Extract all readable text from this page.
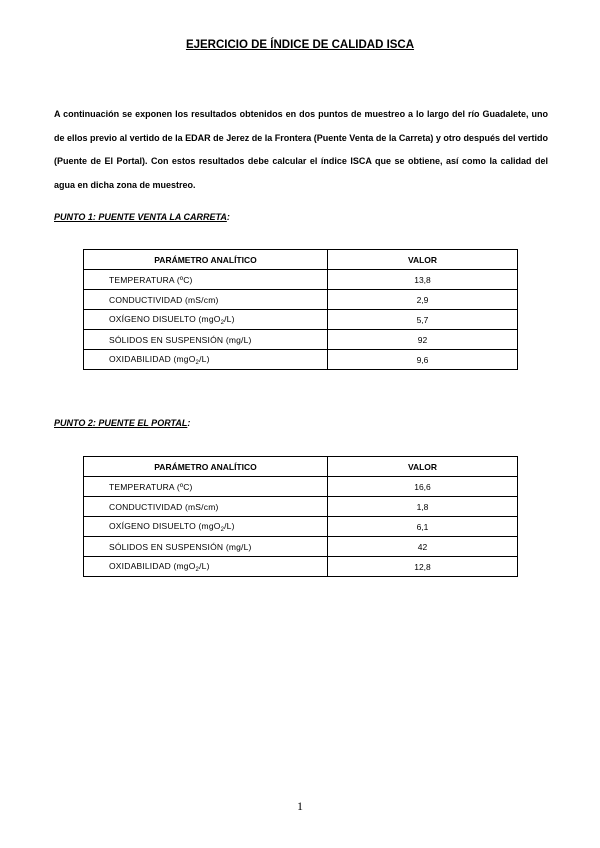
EJERCICIO DE ÍNDICE DE CALIDAD ISCA

A continuación se exponen los resultados obtenidos en dos puntos de muestreo a lo largo del río Guadalete, uno de ellos previo al vertido de la EDAR de Jerez de la Frontera (Puente Venta de la Carreta) y otro después del vertido (Puente de El Portal). Con estos resultados debe calcular el índice ISCA que se obtiene, así como la calidad del agua en dicha zona de muestreo.

PUNTO 1: PUENTE VENTA LA CARRETA:
PARÁMETRO ANALÍTICO	VALOR
TEMPERATURA (ºC)	13,8
CONDUCTIVIDAD (mS/cm)	2,9
OXÍGENO DISUELTO (mgO$_2$/L)	5,7
SÓLIDOS EN SUSPENSIÓN (mg/L)	92
OXIDABILIDAD (mgO$_2$/L)	9,6
PUNTO 2: PUENTE EL PORTAL:
PARÁMETRO ANALÍTICO	VALOR
TEMPERATURA (ºC)	16,6
CONDUCTIVIDAD (mS/cm)	1,8
OXÍGENO DISUELTO (mgO$_2$/L)	6,1
SÓLIDOS EN SUSPENSIÓN (mg/L)	42
OXIDABILIDAD (mgO$_2$/L)	12,8
1
